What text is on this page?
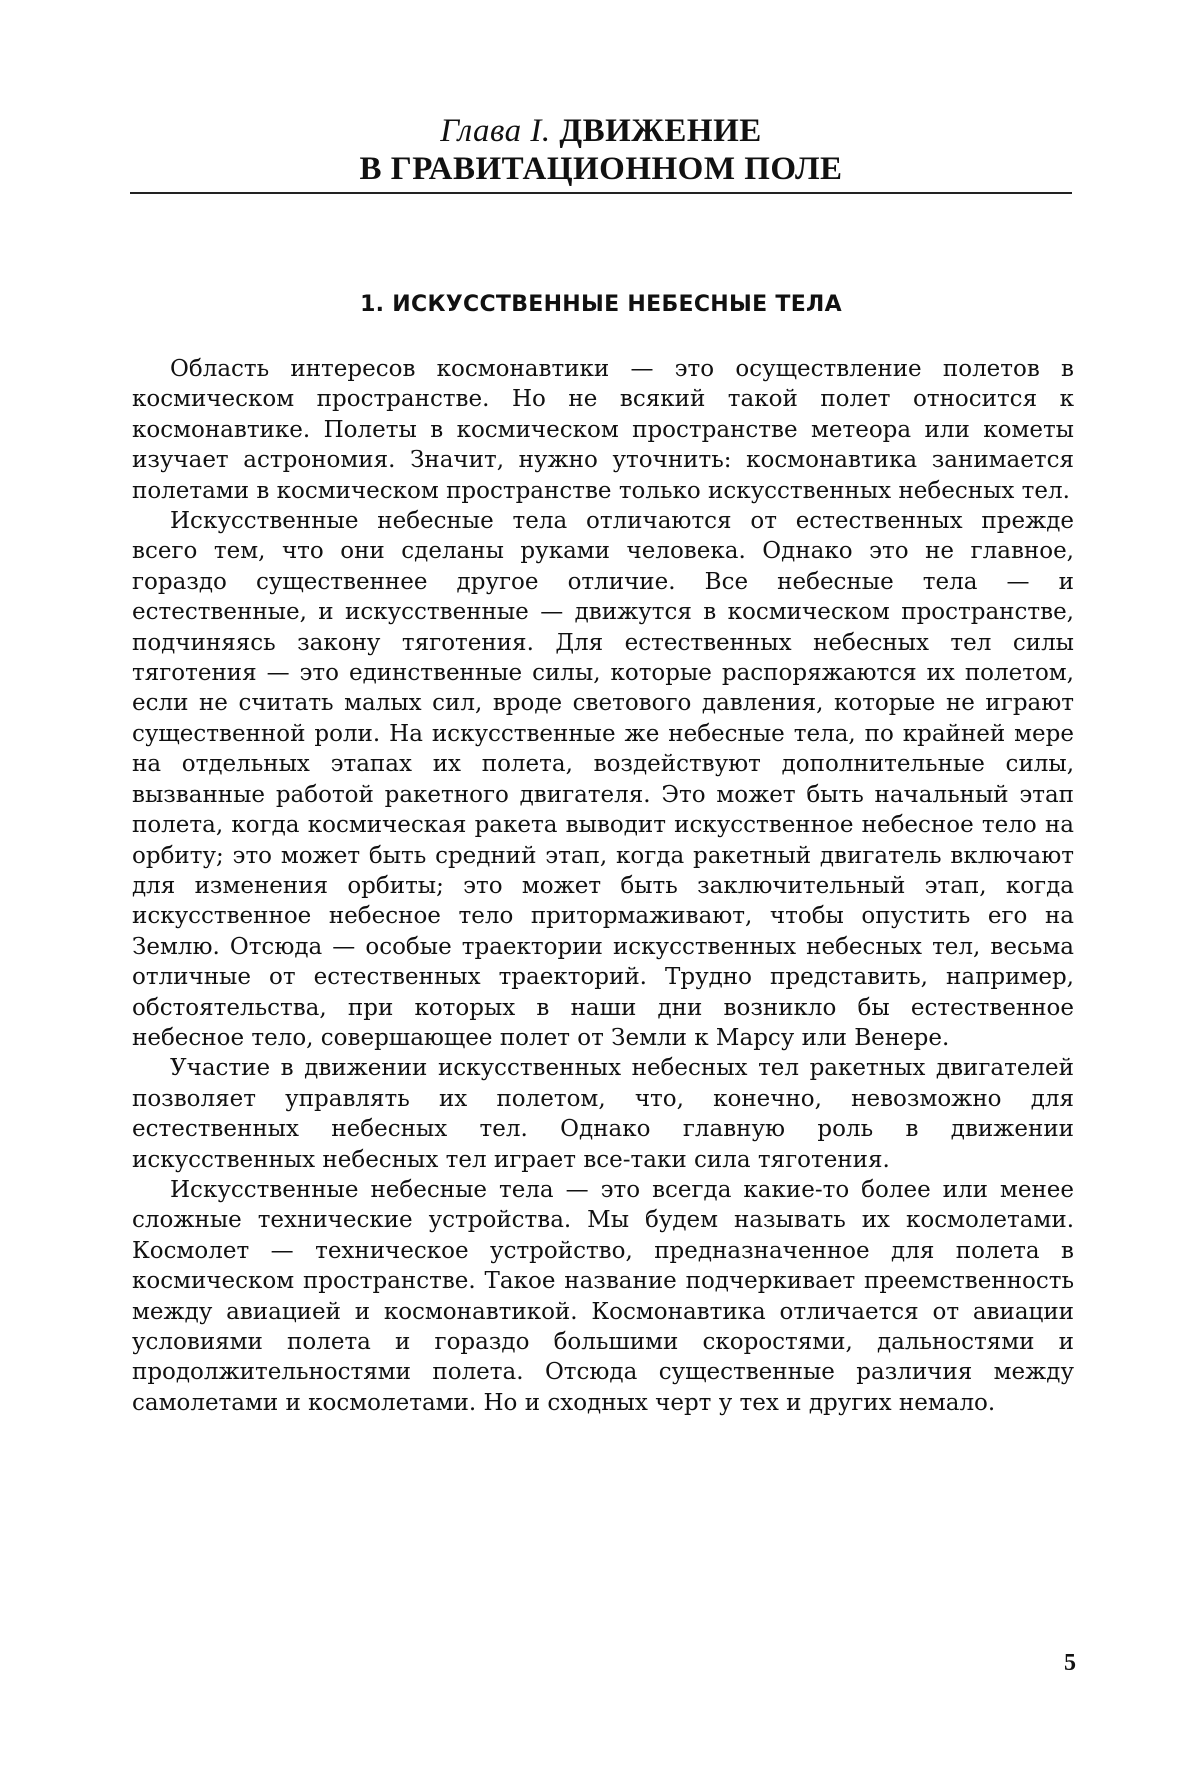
Глава I. ДВИЖЕНИЕ
В ГРАВИТАЦИОННОМ ПОЛЕ
1. ИСКУССТВЕННЫЕ НЕБЕСНЫЕ ТЕЛА

Область интересов космонавтики — это осуществление полетов в космическом пространстве. Но не всякий такой полет относится к космонавтике. Полеты в космическом пространстве метеора или кометы изучает астрономия. Значит, нужно уточнить: космонавтика занимается полетами в космическом пространстве только искусственных небесных тел.

Искусственные небесные тела отличаются от естественных прежде всего тем, что они сделаны руками человека. Однако это не главное, гораздо существеннее другое отличие. Все небесные тела — и естественные, и искусственные — движутся в космическом пространстве, подчиняясь закону тяготения. Для естественных небесных тел силы тяготения — это единственные силы, которые распоряжаются их полетом, если не считать малых сил, вроде светового давления, которые не играют существенной роли. На искусственные же небесные тела, по крайней мере на отдельных этапах их полета, воздействуют дополнительные силы, вызванные работой ракетного двигателя. Это может быть начальный этап полета, когда космическая ракета выводит искусственное небесное тело на орбиту; это может быть средний этап, когда ракетный двигатель включают для изменения орбиты; это может быть заключительный этап, когда искусственное небесное тело притормаживают, чтобы опустить его на Землю. Отсюда — особые траектории искусственных небесных тел, весьма отличные от естественных траекторий. Трудно представить, например, обстоятельства, при которых в наши дни возникло бы естественное небесное тело, совершающее полет от Земли к Марсу или Венере.

Участие в движении искусственных небесных тел ракетных двигателей позволяет управлять их полетом, что, конечно, невозможно для естественных небесных тел. Однако главную роль в движении искусственных небесных тел играет все-таки сила тяготения.

Искусственные небесные тела — это всегда какие-то более или менее сложные технические устройства. Мы будем называть их космолетами. Космолет — техническое устройство, предназначенное для полета в космическом пространстве. Такое название подчеркивает преемственность между авиацией и космонавтикой. Космонавтика отличается от авиации условиями полета и гораздо большими скоростями, дальностями и продолжительностями полета. Отсюда существенные различия между самолетами и космолетами. Но и сходных черт у тех и других немало.

5
